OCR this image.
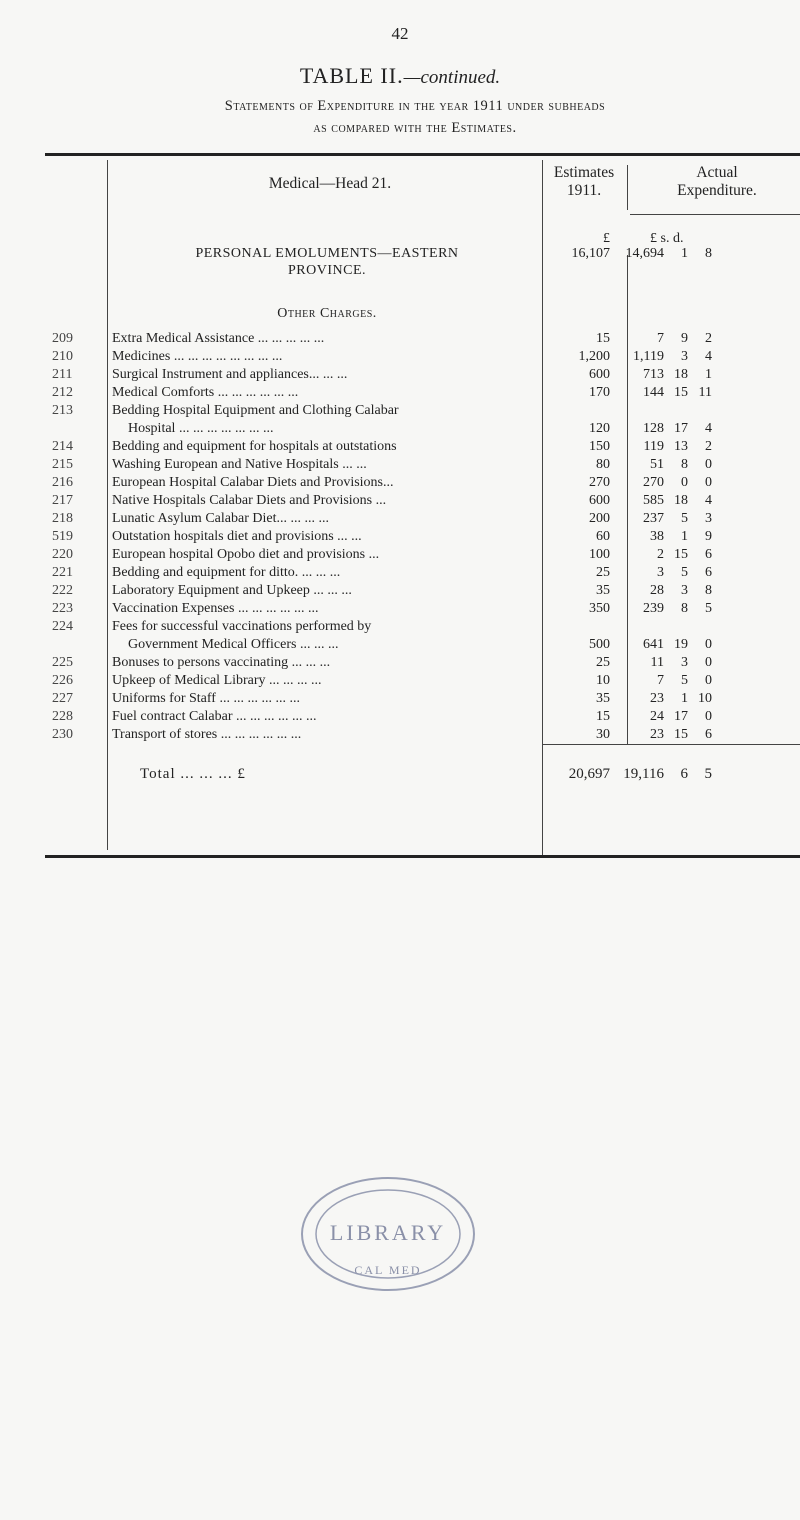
42
TABLE II.—continued.
Statements of Expenditure in the year 1911 under subheads
as compared with the Estimates.
Medical—Head 21.
Estimates
1911.
Actual
Expenditure.
£	£ s. d.
PERSONAL EMOLUMENTS—EASTERN
PROVINCE.
16,107	14,694	1	8
Other Charges.
209	Extra Medical Assistance ... ... ... ... ...	15	7	9	2
210	Medicines ... ... ... ... ... ... ... ...	1,200	1,119	3	4
211	Surgical Instrument and appliances... ... ...	600	713 18	1
212	Medical Comforts ... ... ... ... ... ...	170	144 15 11
213	Bedding Hospital Equipment and Clothing Calabar
Hospital ... ... ... ... ... ... ...	120	128 17	4
214	Bedding and equipment for hospitals at outstations	150	119 13	2
215	Washing European and Native Hospitals ... ...	80	51	8	0
216	European Hospital Calabar Diets and Provisions...	270	270	0	0
217	Native Hospitals Calabar Diets and Provisions ...	600	585 18	4
218	Lunatic Asylum Calabar Diet... ... ... ...	200	237	5	3
519	Outstation hospitals diet and provisions ... ...	60	38	1	9
220	European hospital Opobo diet and provisions ...	100	2 15	6
221	Bedding and equipment for ditto. ... ... ...	25	3	5	6
222	Laboratory Equipment and Upkeep ... ... ...	35	28	3	8
223	Vaccination Expenses ... ... ... ... ... ...	350	239	8	5
224	Fees for successful vaccinations performed by
Government Medical Officers ... ... ...	500	641 19	0
225	Bonuses to persons vaccinating ... ... ...	25	11	3	0
226	Upkeep of Medical Library ... ... ... ...	10	7	5	0
227	Uniforms for Staff ... ... ... ... ... ...	35	23	1 10
228	Fuel contract Calabar ... ... ... ... ... ...	15	24 17	0
230	Transport of stores ... ... ... ... ... ...	30	23 15	6
Total ... ... ... £	20,697 19,116	6	5
LIBRARY
CAL MED
